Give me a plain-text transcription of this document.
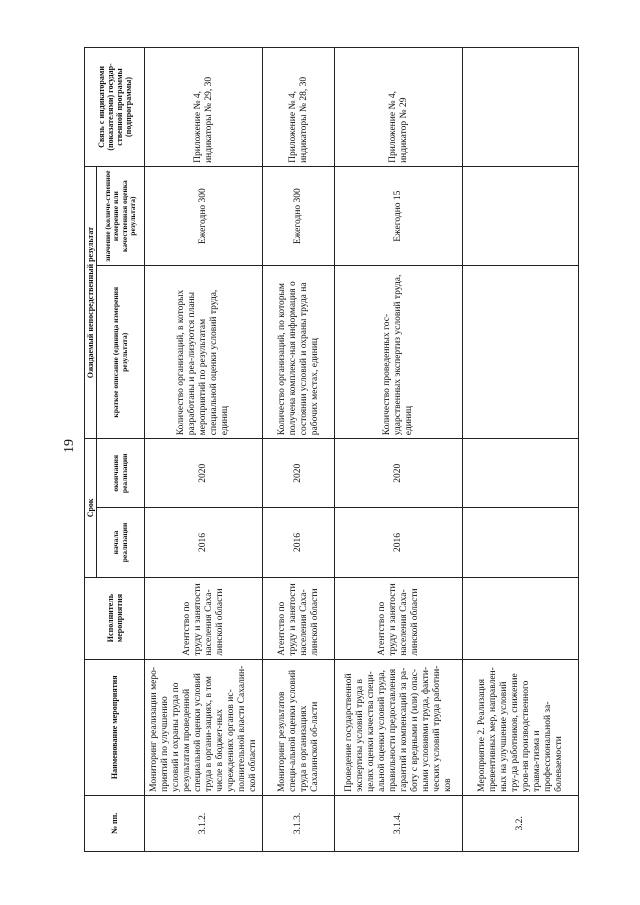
19
№ пп.	Наименование мероприятия	Исполнитель мероприятия	Срок		Ожидаемый непосредственный результат		Связь с индикаторами (показателями) государ-ственной программы (подпрограммы)
			начала реализации	окончания реализации	краткое описание (единица измерения результата)	значение (количе-ственное измерение или качественная оценка результата)	
3.1.2.	Мониторинг реализации меро-приятий по улучшению условий и охраны труда по результатам проведенной специальной оценки условий труда в органи-зациях, в том числе в бюджет-ных учреждениях органов ис-полнительной власти Сахалин-ской области	Агентство по труду и занятости населения Саха-линской области	2016	2020	Количество организаций, в которых разработаны и реа-лизуются планы мероприятий по результатам специальной оценки условий труда, единиц	Ежегодно 300	Приложение № 4, индикаторы № 29, 30
3.1.3.	Мониторинг результатов специ-альной оценки условий труда в организациях Сахалинской об-ласти	Агентство по труду и занятости населения Саха-линской области	2016	2020	Количество организаций, по которым получена комплекс-ная информация о состоянии условий и охраны труда на рабочих местах, единиц	Ежегодно 300	Приложение № 4, индикаторы № 28, 30
3.1.4.	Проведение государственной экспертизы условий труда в целях оценки качества специ-альной оценки условий труда, правильности предоставления гарантий и компенсаций за ра-боту с вредными и (или) опас-ными условиями труда, факти-ческих условий труда работни-ков	Агентство по труду и занятости населения Саха-линской области	2016	2020	Количество проведенных гос-ударственных экспертиз условий труда, единиц	Ежегодно 15	Приложение № 4, индикатор № 29
3.2.	Мероприятие 2. Реализация превентивных мер, направлен-ных на улучшение условий тру-да работников, снижение уров-ня производственного травма-тизма и профессиональной за-болеваемости						
